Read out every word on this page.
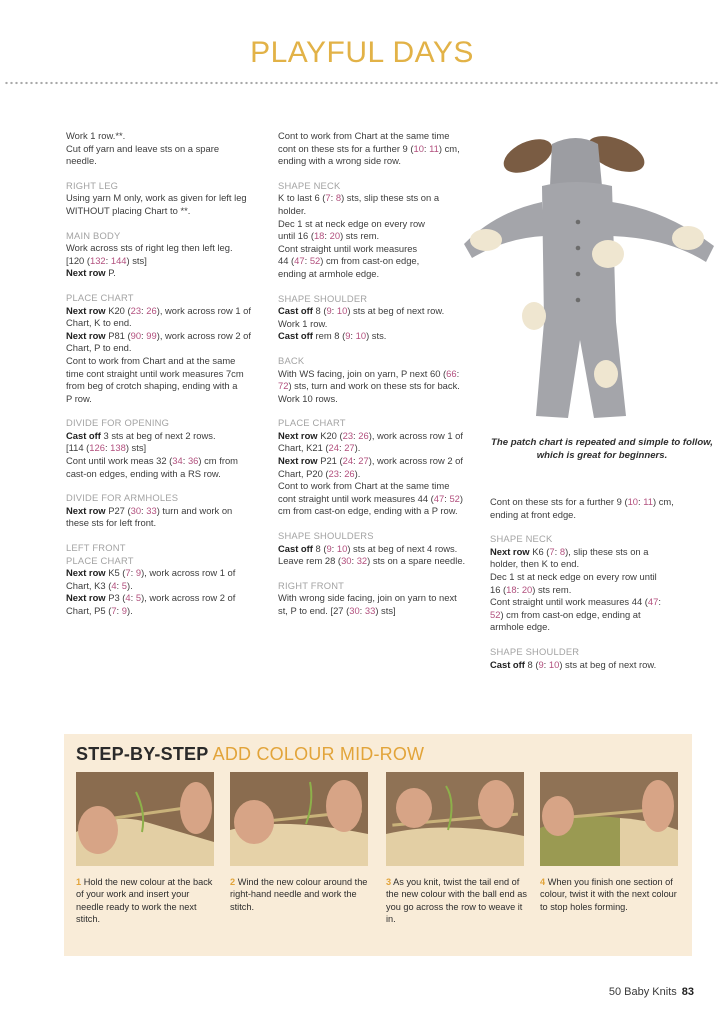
PLAYFUL DAYS

Work 1 row.**.

Cut off yarn and leave sts on a spare

needle.

RIGHT LEG

Using yarn M only, work as given for left leg

WITHOUT placing Chart to **.

MAIN BODY

Work across sts of right leg then left leg.

[120 (132: 144) sts]

Next row P.

PLACE CHART

Next row K20 (23: 26), work across row 1 of

Chart, K to end.

Next row P81 (90: 99), work across row 2 of

Chart, P to end.

Cont to work from Chart and at the same

time cont straight until work measures 7cm

from beg of crotch shaping, ending with a

P row.

DIVIDE FOR OPENING

Cast off 3 sts at beg of next 2 rows.

[114 (126: 138) sts]

Cont until work meas 32 (34: 36) cm from

cast-on edges, ending with a RS row.

DIVIDE FOR ARMHOLES

Next row P27 (30: 33) turn and work on

these sts for left front.

LEFT FRONT

PLACE CHART

Next row K5 (7: 9), work across row 1 of

Chart, K3 (4: 5).

Next row P3 (4: 5), work across row 2 of

Chart, P5 (7: 9).

Cont to work from Chart at the same time

cont on these sts for a further 9 (10: 11) cm,

ending with a wrong side row.

SHAPE NECK

K to last 6 (7: 8) sts, slip these sts on a

holder.

Dec 1 st at neck edge on every row

until 16 (18: 20) sts rem.

Cont straight until work measures

44 (47: 52) cm from cast-on edge,

ending at armhole edge.

SHAPE SHOULDER

Cast off 8 (9: 10) sts at beg of next row.

Work 1 row.

Cast off rem 8 (9: 10) sts.

BACK

With WS facing, join on yarn, P next 60 (66:

72) sts, turn and work on these sts for back.

Work 10 rows.

PLACE CHART

Next row K20 (23: 26), work across row 1 of

Chart, K21 (24: 27).

Next row P21 (24: 27), work across row 2 of

Chart, P20 (23: 26).

Cont to work from Chart at the same time

cont straight until work measures 44 (47: 52)

cm from cast-on edge, ending with a P row.

SHAPE SHOULDERS

Cast off 8 (9: 10) sts at beg of next 4 rows.

Leave rem 28 (30: 32) sts on a spare needle.

RIGHT FRONT

With wrong side facing, join on yarn to next

st, P to end. [27 (30: 33) sts]

Cont on these sts for a further 9 (10: 11) cm,

ending at front edge.

SHAPE NECK

Next row K6 (7: 8), slip these sts on a

holder, then K to end.

Dec 1 st at neck edge on every row until

16 (18: 20) sts rem.

Cont straight until work measures 44 (47:

52) cm from cast-on edge, ending at

armhole edge.

SHAPE SHOULDER

Cast off 8 (9: 10) sts at beg of next row.

The patch chart is repeated and simple to follow, which is great for beginners.
STEP-BY-STEP ADD COLOUR MID-ROW
1 Hold the new colour at the back of your work and insert your needle ready to work the next stitch.
2 Wind the new colour around the right-hand needle and work the stitch.
3 As you knit, twist the tail end of the new colour with the ball end as you go across the row to weave it in.
4 When you finish one section of colour, twist it with the next colour to stop holes forming.
50 Baby Knits 83
